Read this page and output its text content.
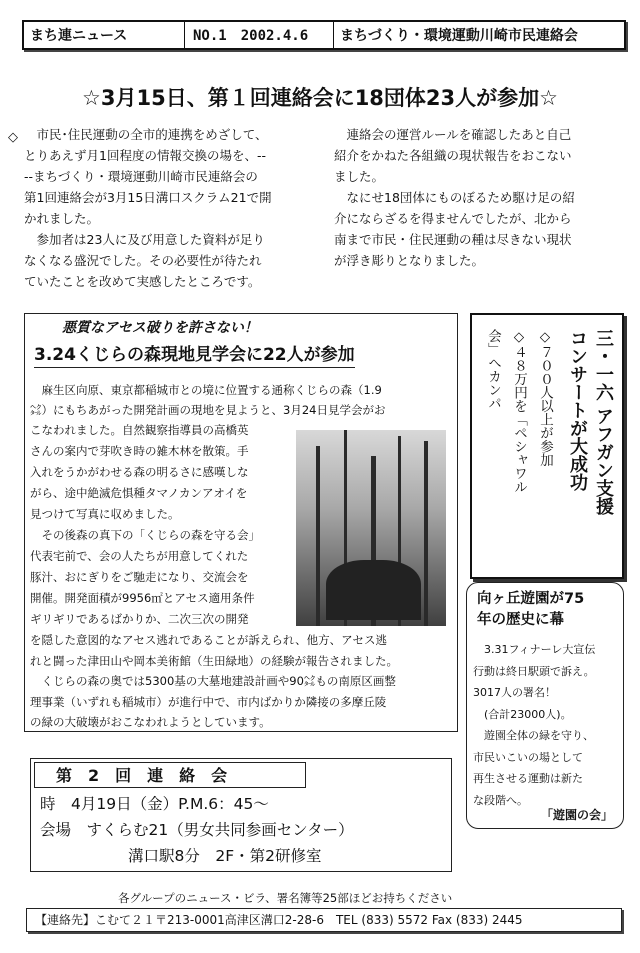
まち連ニュース	NO.1　2002.4.6	まちづくり・環境運動川崎市民連絡会
☆3月15日、第１回連絡会に18団体23人が参加☆
◇ 　市民･住民運動の全市的連携をめざして、
とりあえず月1回程度の情報交換の場を、--
--まちづくり・環境運動川崎市民連絡会の
第1回連絡会が3月15日溝口スクラム21で開
かれました。
　参加者は23人に及び用意した資料が足り
なくなる盛況でした。その必要性が待たれ
ていたことを改めて実感したところです。
　連絡会の運営ルールを確認したあと自己
紹介をかねた各組織の現状報告をおこない
ました。
　なにせ18団体にものぼるため駆け足の紹
介にならざるを得ませんでしたが、北から
南まで市民・住民運動の種は尽きない現状
が浮き彫りとなりました。
悪質なアセス破りを許さない！
3.24くじらの森現地見学会に22人が参加
　麻生区向原、東京都稲城市との境に位置する通称くじらの森（1.9
㌶）にもちあがった開発計画の現地を見ようと、3月24日見学会がお
こなわれました。自然観察指導員の高橋英
さんの案内で芽吹き時の雑木林を散策。手
入れをうかがわせる森の明るさに感嘆しな
がら、途中絶滅危惧種タマノカンアオイを
見つけて写真に収めました。
　その後森の真下の「くじらの森を守る会」
代表宅前で、会の人たちが用意してくれた
豚汁、おにぎりをご馳走になり、交流会を
開催。開発面積が9956㎡とアセス適用条件
ギリギリであるばかりか、二次三次の開発
を隠した意図的なアセス逃れであることが訴えられ、他方、アセス逃
れと闘った津田山や岡本美術館（生田緑地）の経験が報告されました。
　くじらの森の奥では5300基の大墓地建設計画や90㌶もの南原区画整
理事業（いずれも稲城市）が進行中で、市内ばかりか隣接の多摩丘陵
の緑の大破壊がおこなわれようとしています。
三・一六 アフガン支援
コンサートが大成功
◇７００人以上が参加
◇４８万円を「ペシャワル
会」へカンパ
向ヶ丘遊園が75
年の歴史に幕
　3.31フィナーレ大宣伝
行動は終日駅頭で訴え。
3017人の署名！
　(合計23000人)。
　遊園全体の緑を守り、
市民いこいの場として
再生させる運動は新た
な段階へ。
「遊園の会」
第　2　回　連　絡　会
時　4月19日（金）P.M.6：45～
会場　すくらむ21（男女共同参画センター）
溝口駅8分　2F・第2研修室
各グループのニュース・ビラ、署名簿等25部ほどお持ちください
【連絡先】こむて２１〒213-0001高津区溝口2-28-6　TEL (833) 5572 Fax (833) 2445
